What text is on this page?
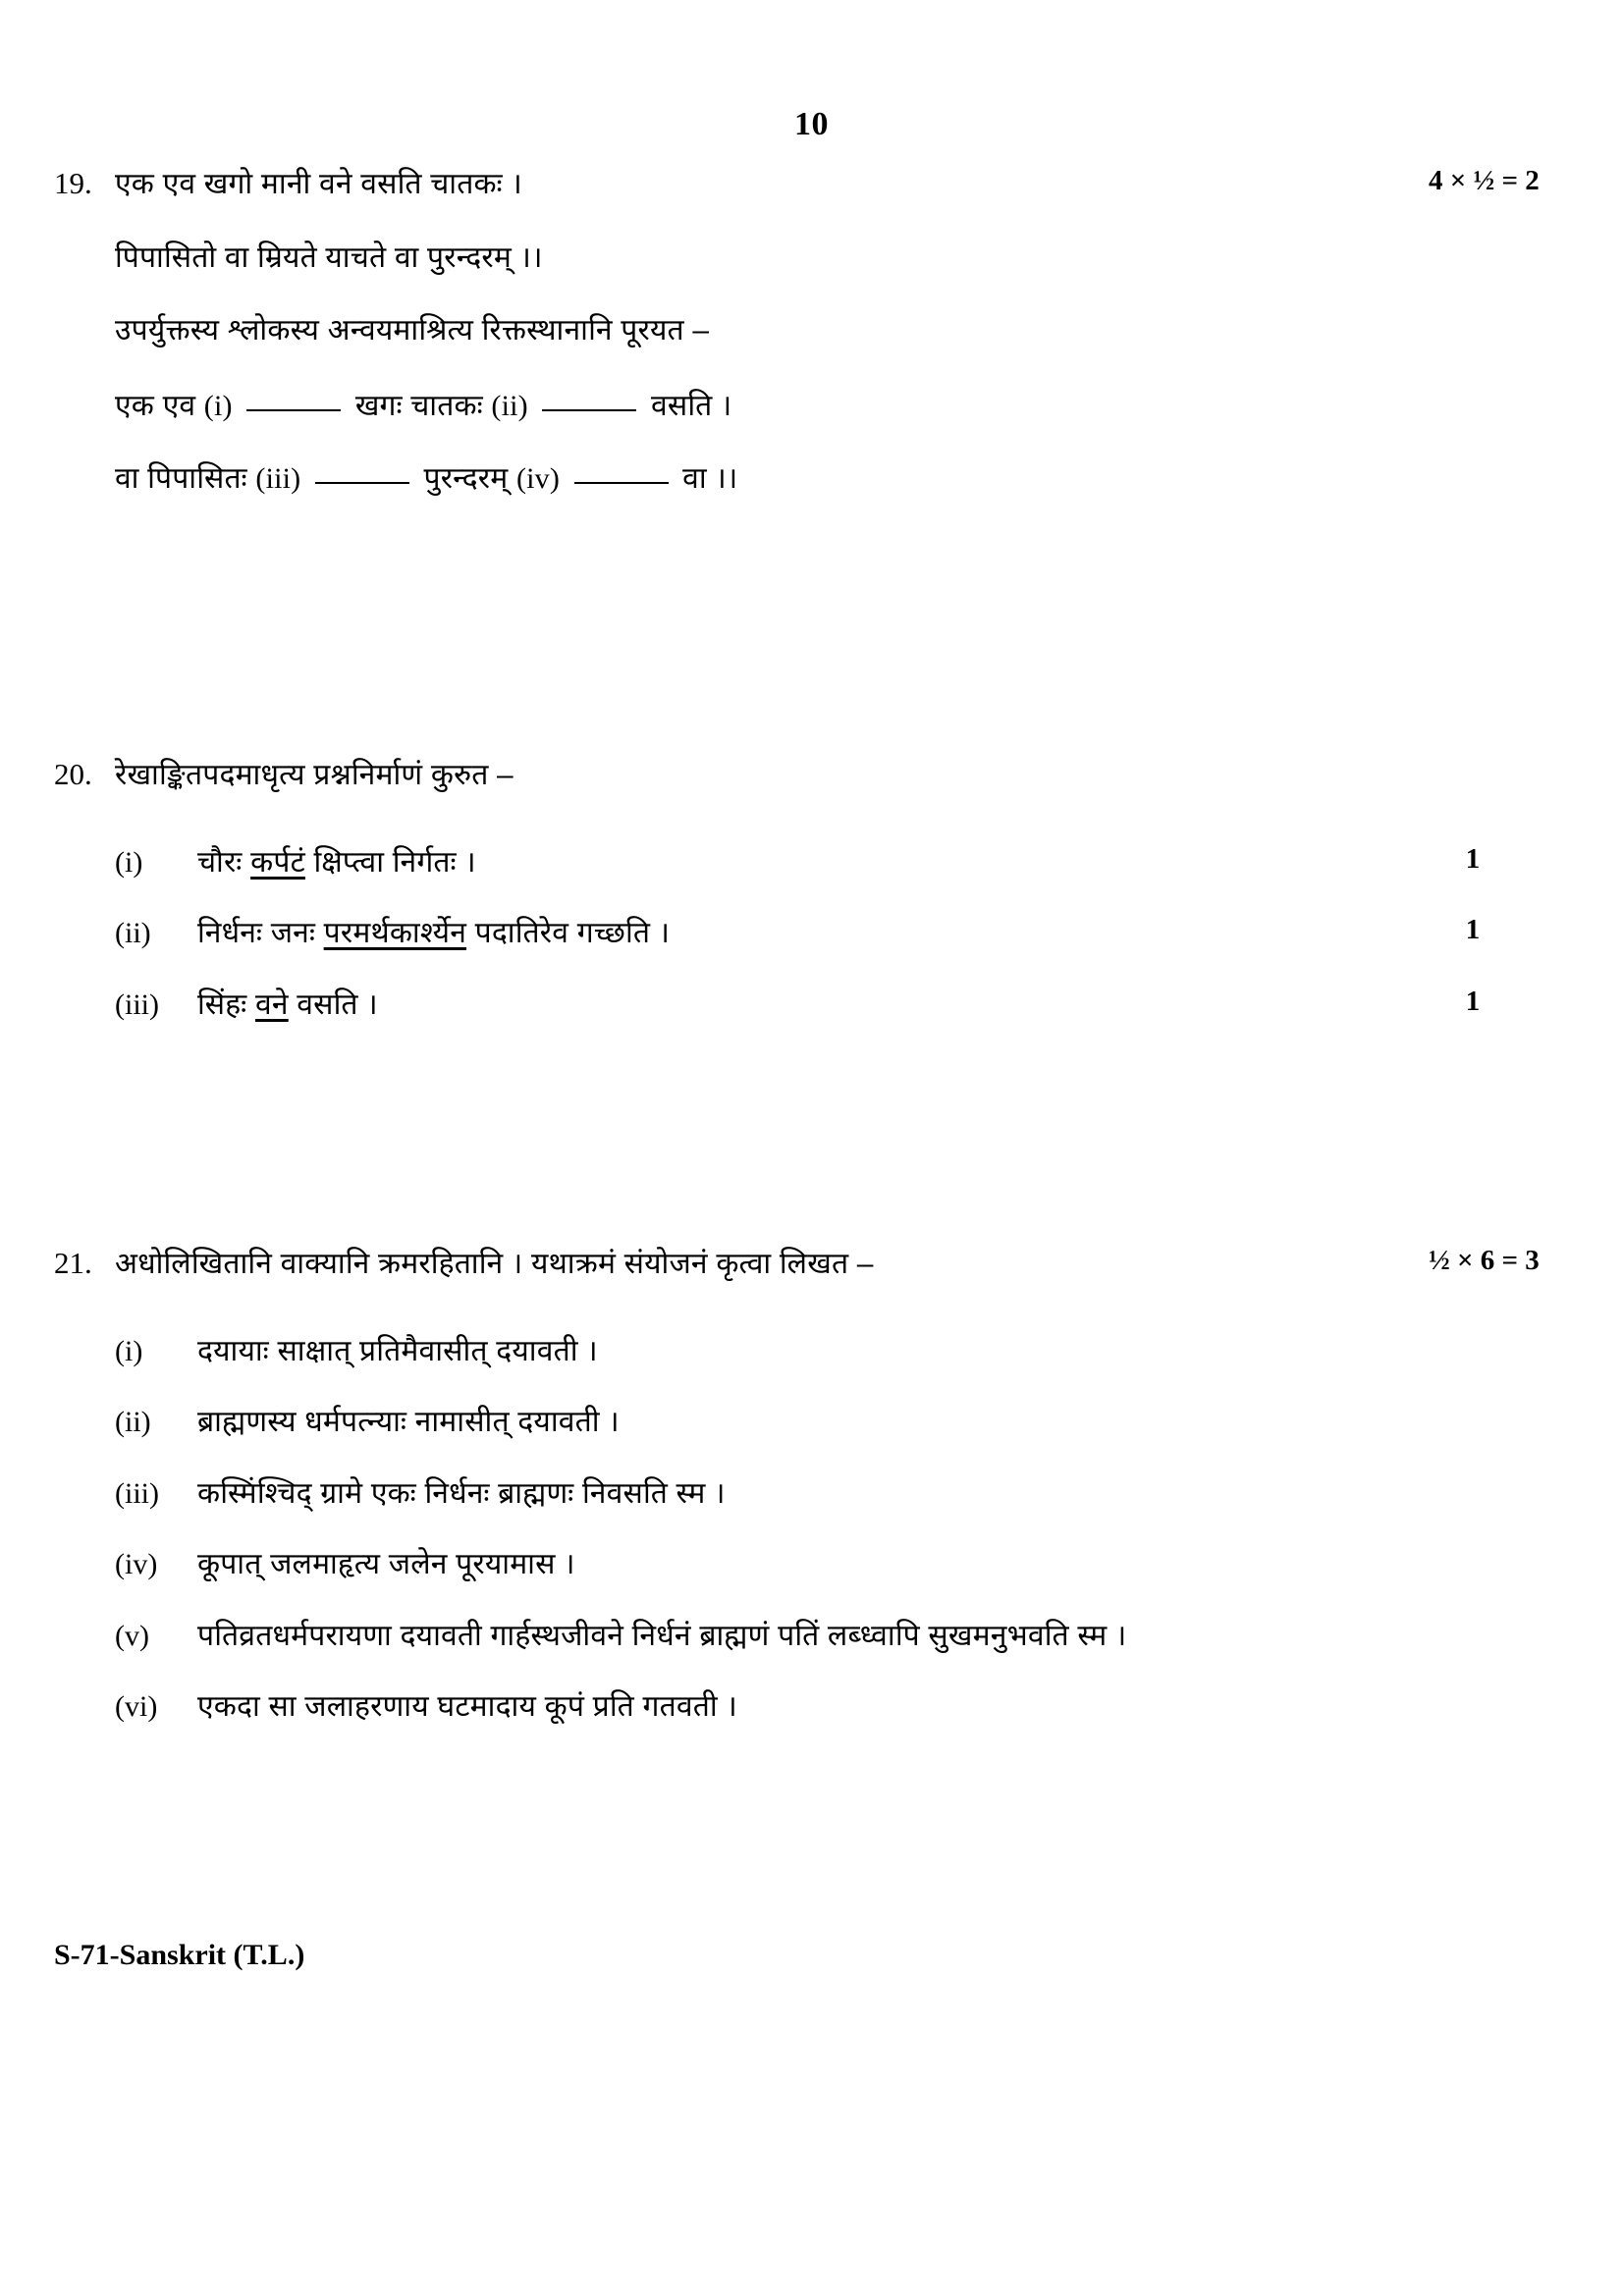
10
19. एक एव खगो मानी वने वसति चातकः ।	4 × ½ = 2

पिपासितो वा म्रियते याचते वा पुरन्दरम् ।।

उपर्युक्तस्य श्लोकस्य अन्वयमाश्रित्य रिक्तस्थानानि पूरयत –

एक एव (i)	खगः चातकः (ii)	वसति ।

वा पिपासितः (iii)	पुरन्दरम् (iv)	वा ।।

20. रेखाङ्कितपदमाधृत्य प्रश्ननिर्माणं कुरुत –

(i)	चौरः कर्पटं क्षिप्त्वा निर्गतः ।	1

(ii)	निर्धनः जनः परमर्थकार्श्येन पदातिरेव गच्छति ।	1

(iii)	सिंहः वने वसति ।	1
21. अधोलिखितानि वाक्यानि क्रमरहितानि । यथाक्रमं संयोजनं कृत्वा लिखत –	½ × 6 = 3

(i)	दयायाः साक्षात् प्रतिमैवासीत् दयावती ।

(ii)	ब्राह्मणस्य धर्मपत्न्याः नामासीत् दयावती ।

(iii)	कस्मिंश्चिद् ग्रामे एकः निर्धनः ब्राह्मणः निवसति स्म ।

(iv)	कूपात् जलमाहृत्य जलेन पूरयामास ।

(v)	पतिव्रतधर्मपरायणा दयावती गार्हस्थजीवने निर्धनं ब्राह्मणं पतिं लब्ध्वापि सुखमनुभवति स्म ।

(vi)	एकदा सा जलाहरणाय घटमादाय कूपं प्रति गतवती ।

S-71-Sanskrit (T.L.)
